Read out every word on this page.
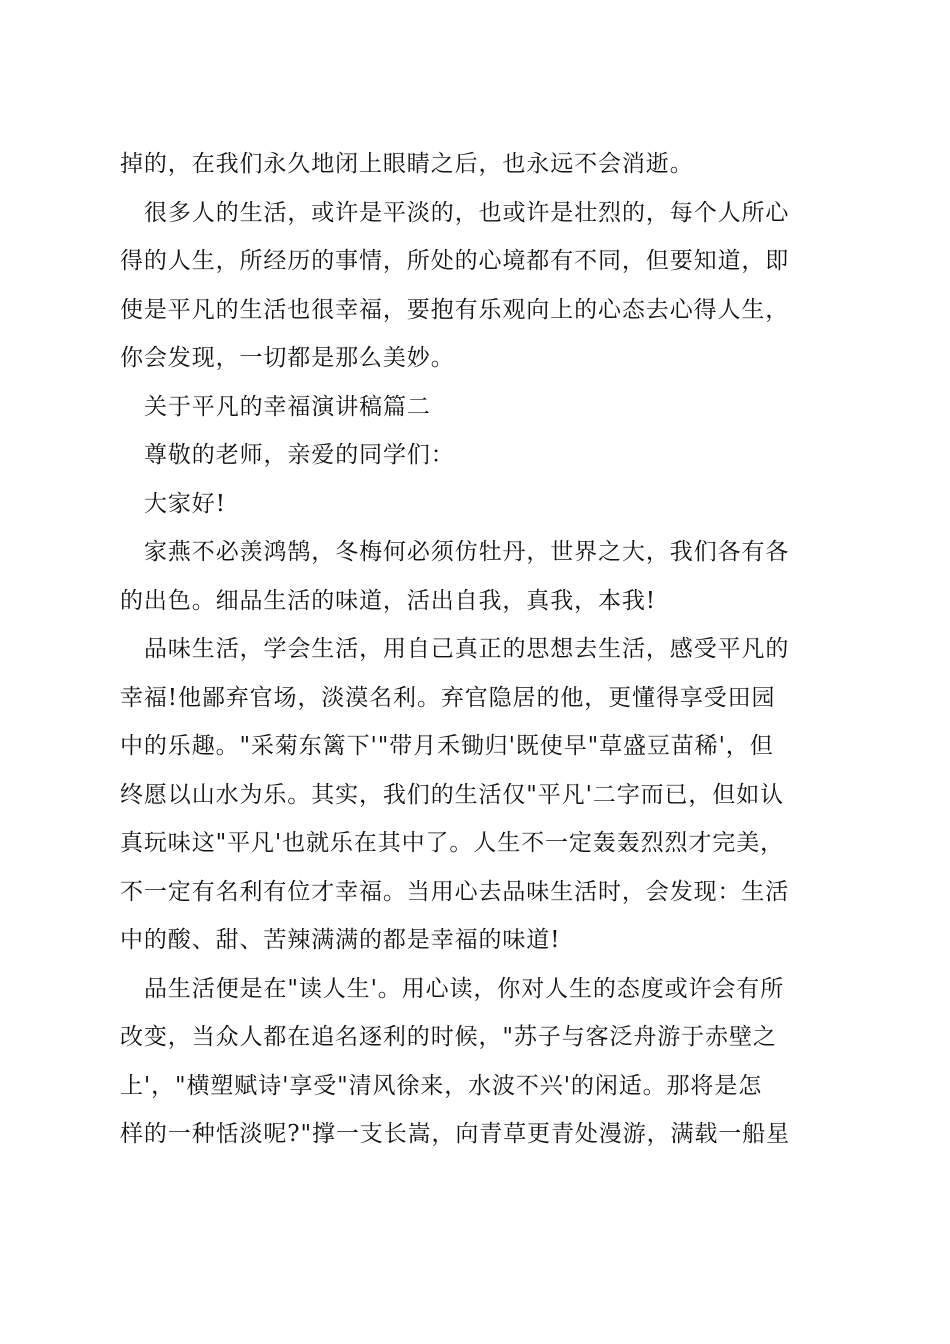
掉的，在我们永久地闭上眼睛之后，也永远不会消逝。
很多人的生活，或许是平淡的，也或许是壮烈的，每个人所心
得的人生，所经历的事情，所处的心境都有不同，但要知道，即
使是平凡的生活也很幸福，要抱有乐观向上的心态去心得人生，
你会发现，一切都是那么美妙。
关于平凡的幸福演讲稿篇二
尊敬的老师，亲爱的同学们：
大家好!
家燕不必羡鸿鹄，冬梅何必须仿牡丹，世界之大，我们各有各
的出色。细品生活的味道，活出自我，真我，本我!
品味生活，学会生活，用自己真正的思想去生活，感受平凡的
幸福!他鄙弃官场，淡漠名利。弃官隐居的他，更懂得享受田园
中的乐趣。"采菊东篱下'"带月禾锄归'既使早"草盛豆苗稀'，但
终愿以山水为乐。其实，我们的生活仅"平凡'二字而已，但如认
真玩味这"平凡'也就乐在其中了。人生不一定轰轰烈烈才完美，
不一定有名利有位才幸福。当用心去品味生活时，会发现：生活
中的酸、甜、苦辣满满的都是幸福的味道!
品生活便是在"读人生'。用心读，你对人生的态度或许会有所
改变，当众人都在追名逐利的时候，"苏子与客泛舟游于赤壁之
上'，"横塑赋诗'享受"清风徐来，水波不兴'的闲适。那将是怎
样的一种恬淡呢?"撑一支长嵩，向青草更青处漫游，满载一船星
